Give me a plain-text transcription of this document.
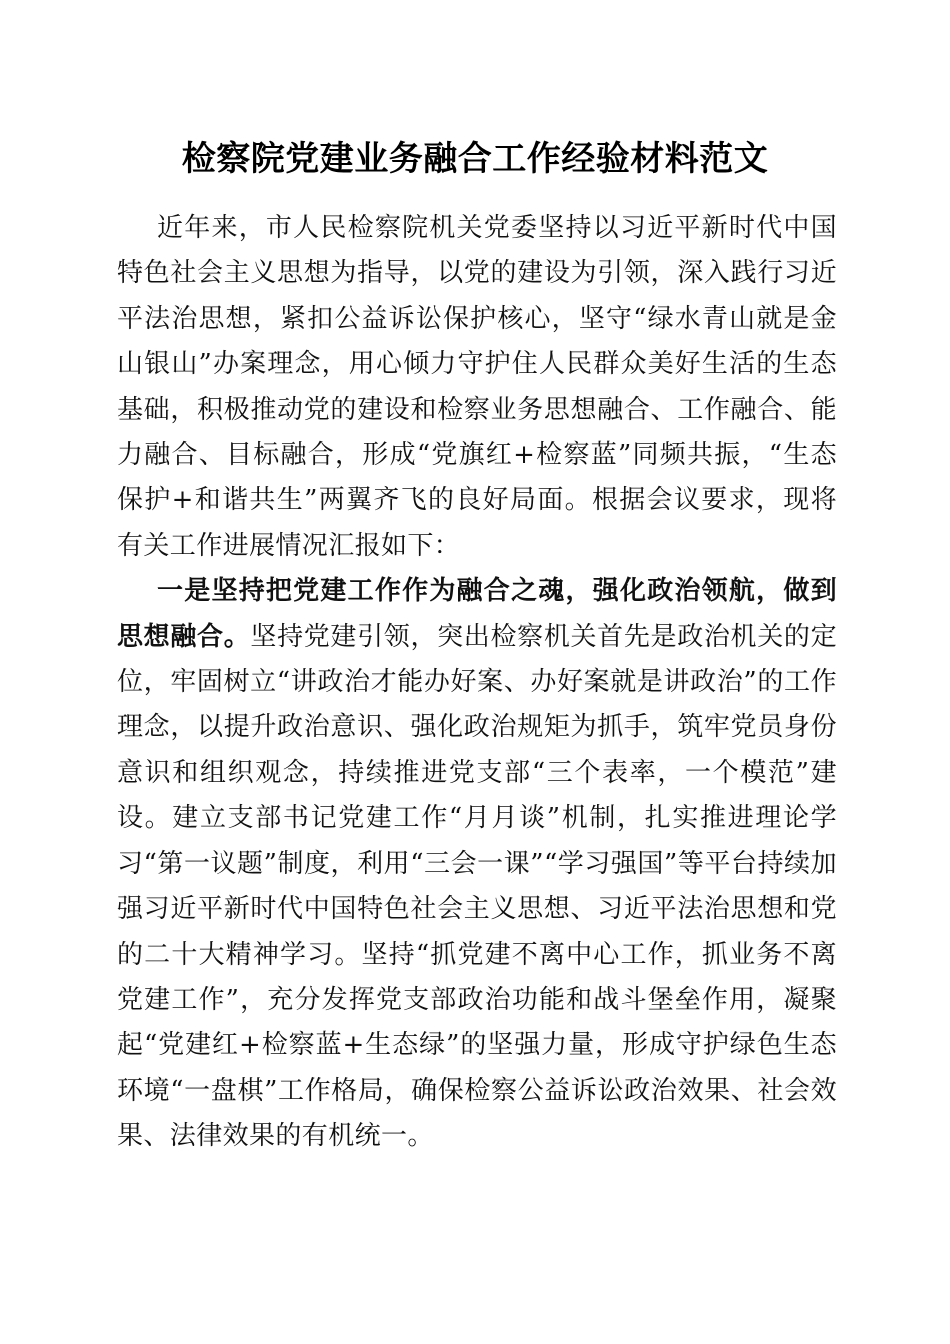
检察院党建业务融合工作经验材料范文

近年来，市人民检察院机关党委坚持以习近平新时代中国特色社会主义思想为指导，以党的建设为引领，深入践行习近平法治思想，紧扣公益诉讼保护核心，坚守“绿水青山就是金山银山”办案理念，用心倾力守护住人民群众美好生活的生态基础，积极推动党的建设和检察业务思想融合、工作融合、能力融合、目标融合，形成“党旗红+检察蓝”同频共振，“生态保护+和谐共生”两翼齐飞的良好局面。根据会议要求，现将有关工作进展情况汇报如下：

一是坚持把党建工作作为融合之魂，强化政治领航，做到思想融合。坚持党建引领，突出检察机关首先是政治机关的定位，牢固树立“讲政治才能办好案、办好案就是讲政治”的工作理念，以提升政治意识、强化政治规矩为抓手，筑牢党员身份意识和组织观念，持续推进党支部“三个表率，一个模范”建设。建立支部书记党建工作“月月谈”机制，扎实推进理论学习“第一议题”制度，利用“三会一课”“学习强国”等平台持续加强习近平新时代中国特色社会主义思想、习近平法治思想和党的二十大精神学习。坚持“抓党建不离中心工作，抓业务不离党建工作”，充分发挥党支部政治功能和战斗堡垒作用，凝聚起“党建红+检察蓝+生态绿”的坚强力量，形成守护绿色生态环境“一盘棋”工作格局，确保检察公益诉讼政治效果、社会效果、法律效果的有机统一。
